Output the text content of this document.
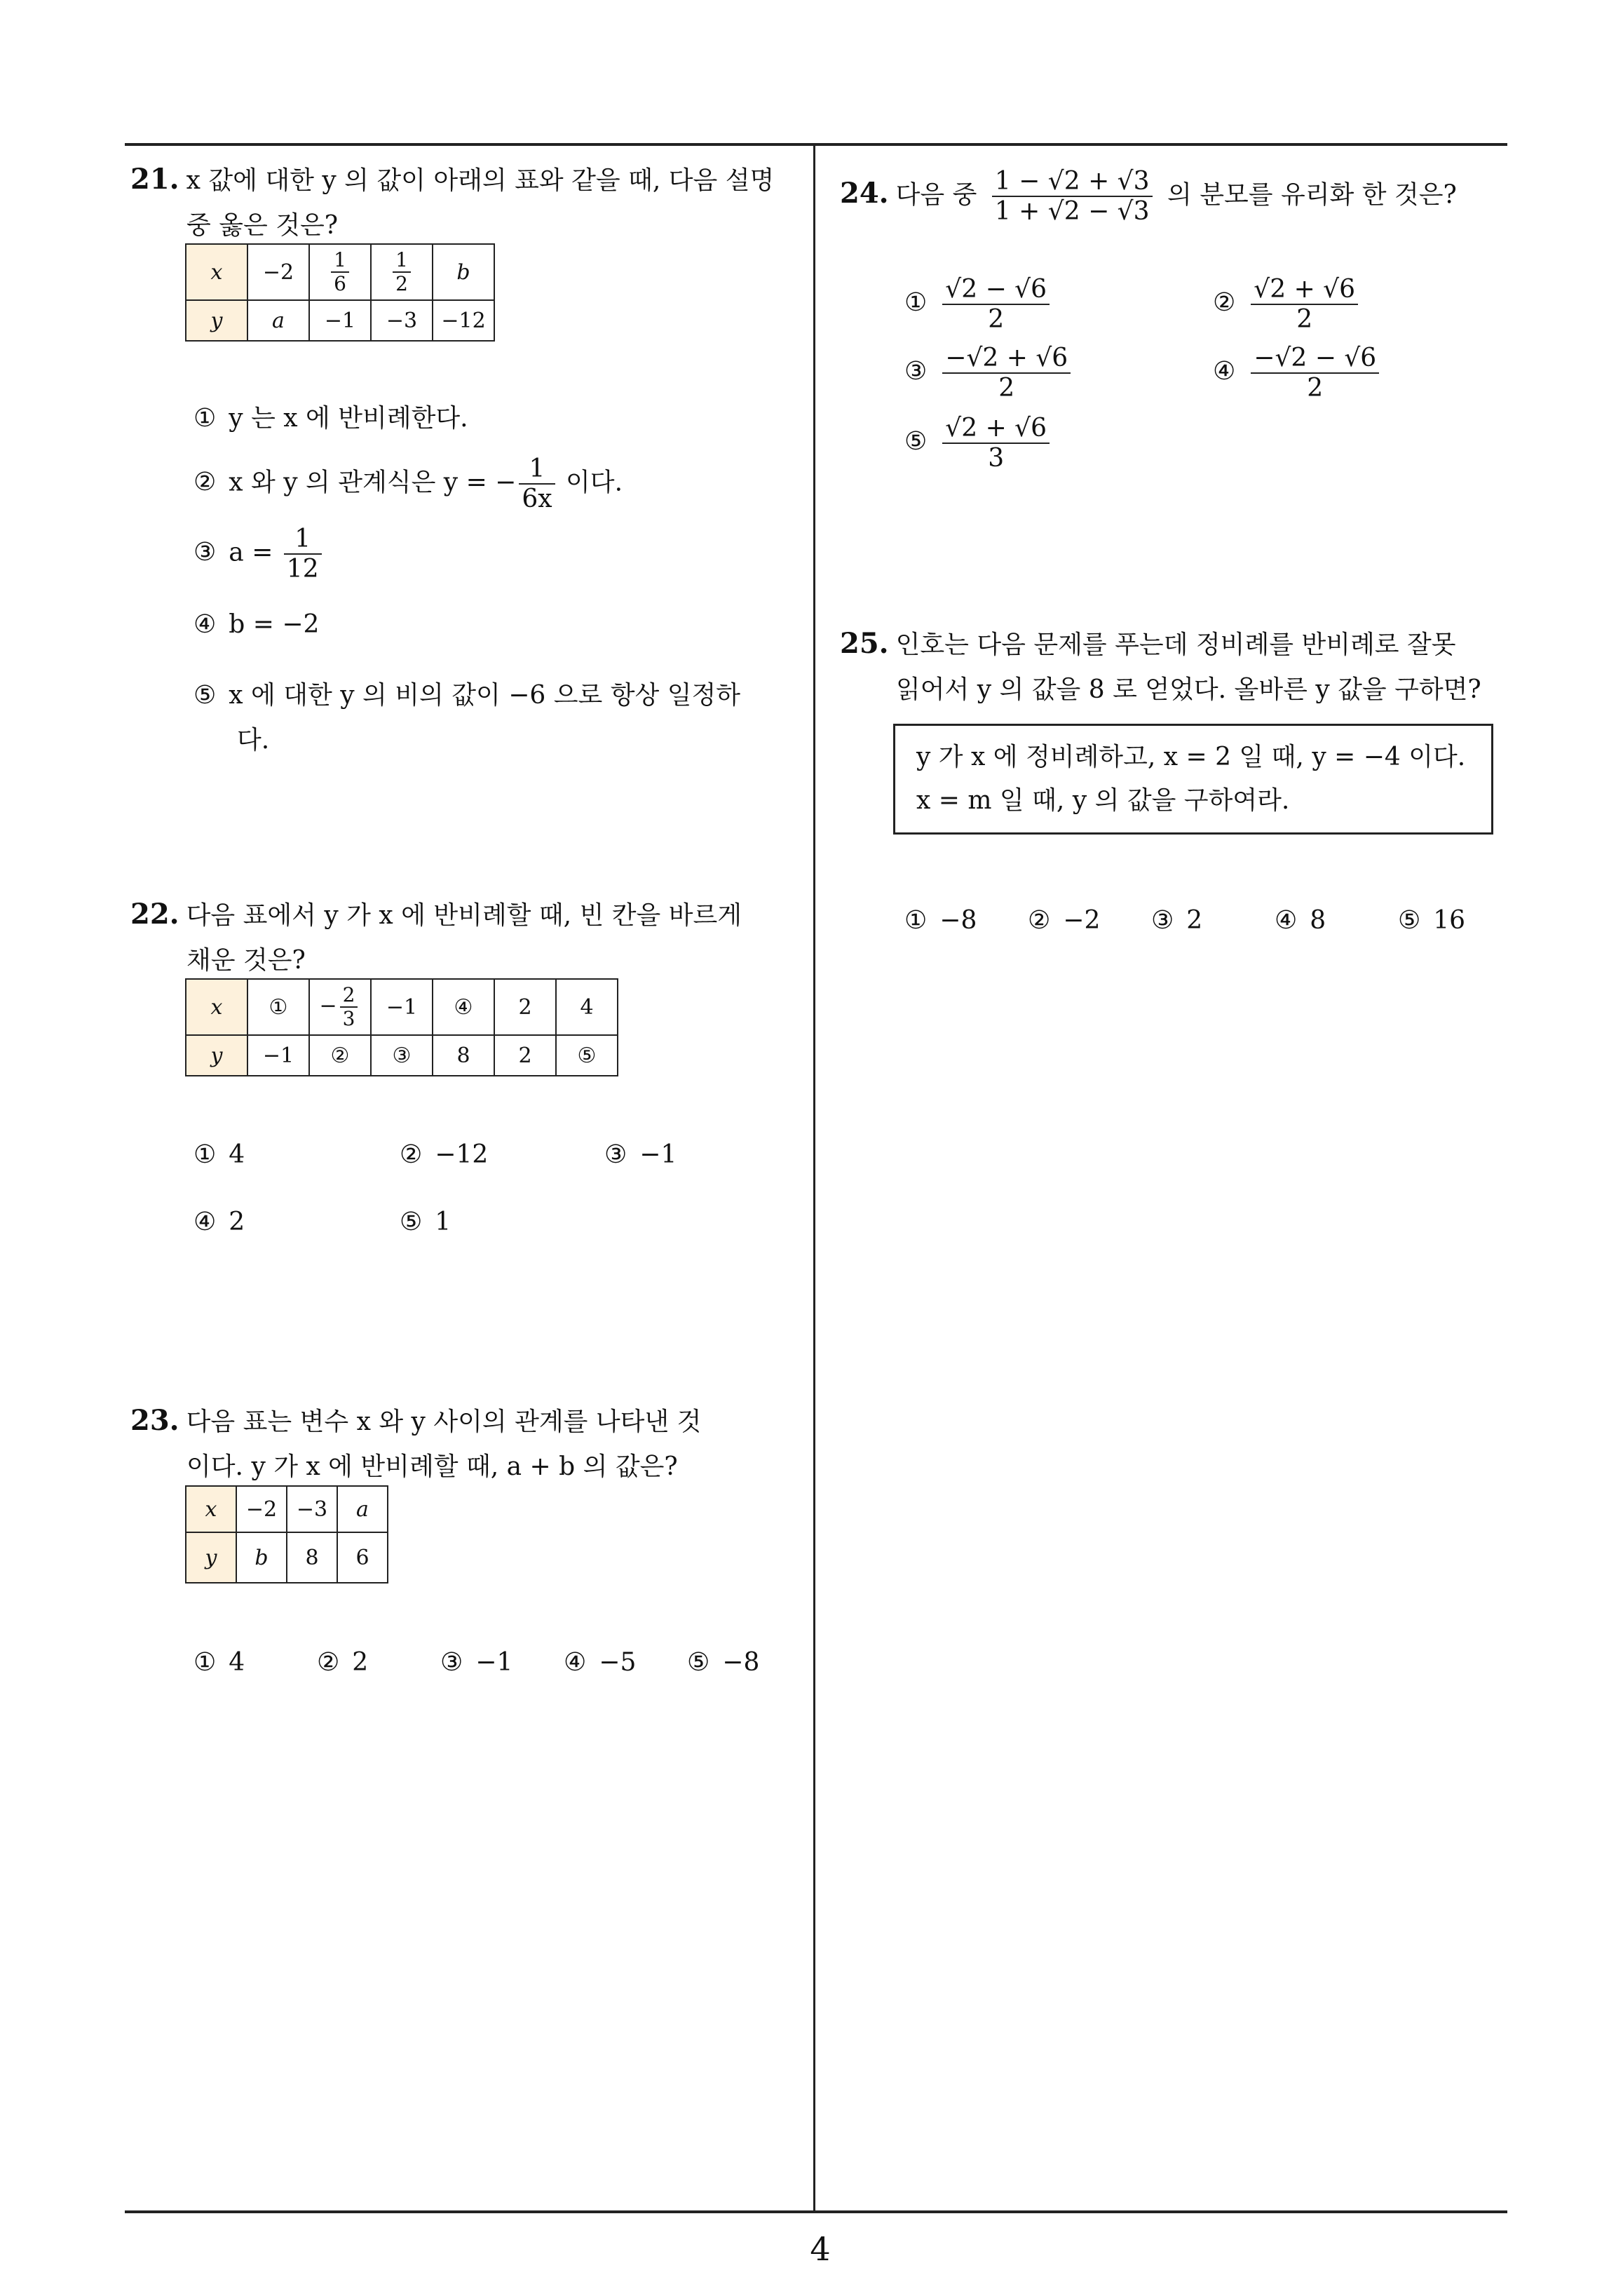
4
21. x 값에 대한 y 의 값이 아래의 표와 같을 때, 다음 설명
중 옳은 것은?
x	−2	$\frac{1}{6}$	$\frac{1}{2}$	b
y	a	−1	−3	−12
① y 는 x 에 반비례한다.
② x 와 y 의 관계식은 y = − $\frac{1}{6x}$ 이다.
③ $a = \frac{1}{12}$
④ b = −2
⑤ x 에 대한 y 의 비의 값이 −6 으로 항상 일정하
다.
22. 다음 표에서 y 가 x 에 반비례할 때, 빈 칸을 바르게
채운 것은?
x	①	− $\frac{2}{3}$	−1	④	2	4
y	−1	②	③	8	2	⑤
① 4	② −12	③ −1
④ 2	⑤ 1
23. 다음 표는 변수 x 와 y 사이의 관계를 나타낸 것
이다. y 가 x 에 반비례할 때, a + b 의 값은?
x	−2	−3	a
y	b	8	6
① 4	② 2	③ −1 ④ −5 ⑤ −8
24. 다음 중 $\frac{1 - √2 + √3}{1 + √2 - √3}$ 의 분모를 유리화 한 것은?
① $\frac{√2 - √6}{2}$	② $\frac{√2 + √6}{2}$
③ $\frac{-√2 + √6}{2}$	④ $\frac{-√2 - √6}{2}$
⑤ $\frac{√2 + √6}{3}$
25. 인호는 다음 문제를 푸는데 정비례를 반비례로 잘못
읽어서 y 의 값을 8 로 얻었다. 올바른 y 값을 구하면?
y 가 x 에 정비례하고, x = 2 일 때, y = −4 이다.
x = m 일 때, y 의 값을 구하여라.
① −8 ② −2 ③ 2	④ 8	⑤ 16
